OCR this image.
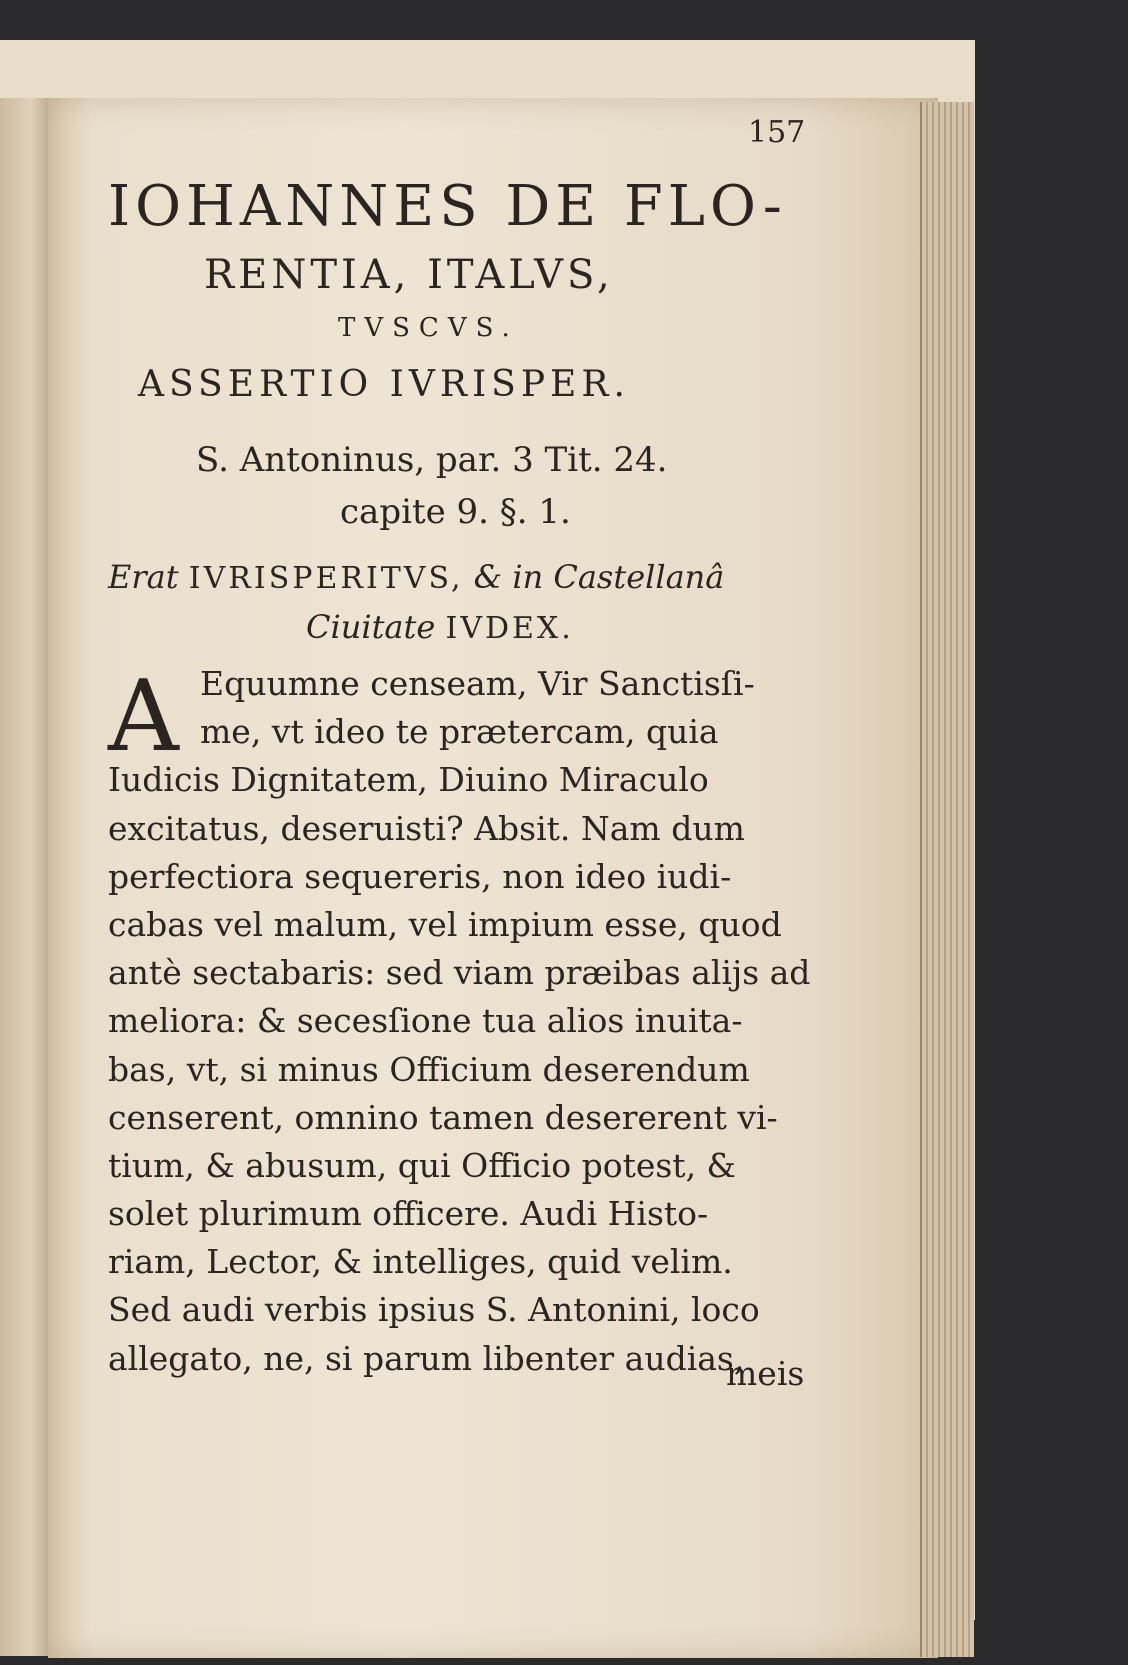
157
IOHANNES DE FLO-
RENTIA, ITALVS,
TVSCVS.
ASSERTIO IVRISPER.
S. Antoninus, par. 3 Tit. 24.
capite 9. §. 1.
Erat IVRISPERITVS, & in Castellanâ
Ciuitate IVDEX.
A Equumne censeam, Vir Sanctisſi-
me, vt ideo te prætercam, quia
Iudicis Dignitatem, Diuino Miraculo
excitatus, deseruisti? Absit. Nam dum
perfectiora sequereris, non ideo iudi-
cabas vel malum, vel impium esse, quod
antè sectabaris: sed viam præibas alijs ad
meliora: & secesſione tua alios inuita-
bas, vt, si minus Officium deserendum
censerent, omnino tamen desererent vi-
tium, & abusum, qui Officio potest, &
solet plurimum officere. Audi Histo-
riam, Lector, & intelliges, quid velim.
Sed audi verbis ipsius S. Antonini, loco
allegato, ne, si parum libenter audias,
meis
